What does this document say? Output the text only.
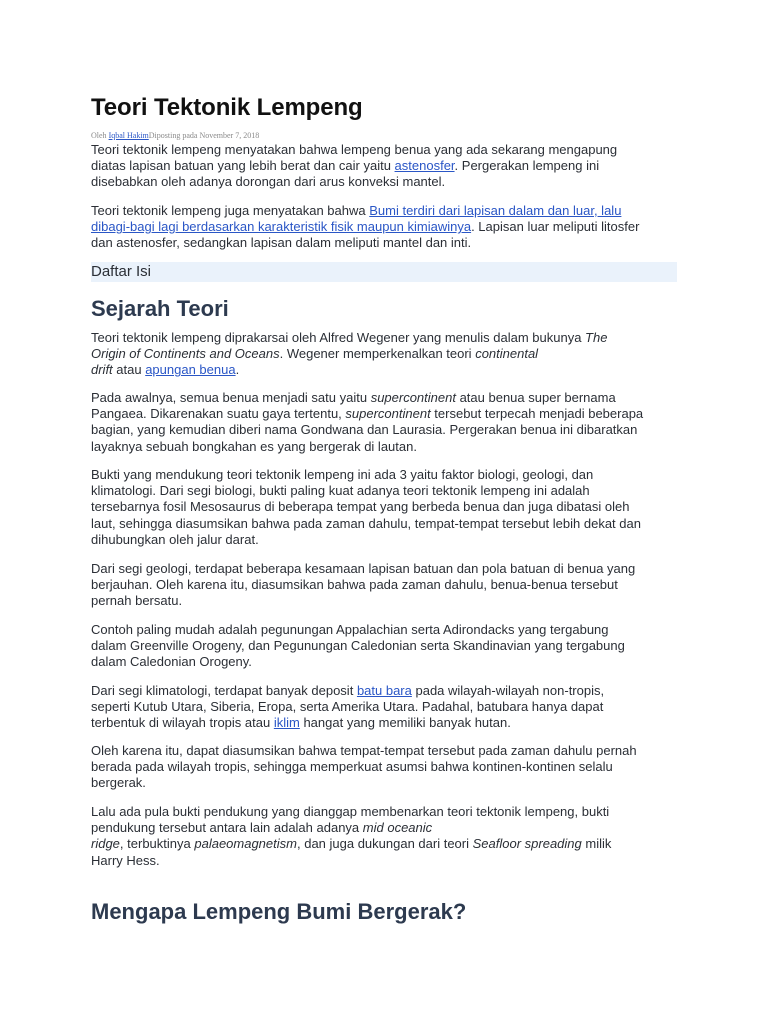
Teori Tektonik Lempeng
Oleh Iqbal HakimDiposting pada November 7, 2018

Teori tektonik lempeng menyatakan bahwa lempeng benua yang ada sekarang mengapung
diatas lapisan batuan yang lebih berat dan cair yaitu astenosfer. Pergerakan lempeng ini
disebabkan oleh adanya dorongan dari arus konveksi mantel.

Teori tektonik lempeng juga menyatakan bahwa Bumi terdiri dari lapisan dalam dan luar, lalu
dibagi-bagi lagi berdasarkan karakteristik fisik maupun kimiawinya. Lapisan luar meliputi litosfer
dan astenosfer, sedangkan lapisan dalam meliputi mantel dan inti.

Daftar Isi
Sejarah Teori

Teori tektonik lempeng diprakarsai oleh Alfred Wegener yang menulis dalam bukunya The
Origin of Continents and Oceans. Wegener memperkenalkan teori continental
drift atau apungan benua.

Pada awalnya, semua benua menjadi satu yaitu supercontinent atau benua super bernama
Pangaea. Dikarenakan suatu gaya tertentu, supercontinent tersebut terpecah menjadi beberapa
bagian, yang kemudian diberi nama Gondwana dan Laurasia. Pergerakan benua ini dibaratkan
layaknya sebuah bongkahan es yang bergerak di lautan.

Bukti yang mendukung teori tektonik lempeng ini ada 3 yaitu faktor biologi, geologi, dan
klimatologi. Dari segi biologi, bukti paling kuat adanya teori tektonik lempeng ini adalah
tersebarnya fosil Mesosaurus di beberapa tempat yang berbeda benua dan juga dibatasi oleh
laut, sehingga diasumsikan bahwa pada zaman dahulu, tempat-tempat tersebut lebih dekat dan
dihubungkan oleh jalur darat.

Dari segi geologi, terdapat beberapa kesamaan lapisan batuan dan pola batuan di benua yang
berjauhan. Oleh karena itu, diasumsikan bahwa pada zaman dahulu, benua-benua tersebut
pernah bersatu.

Contoh paling mudah adalah pegunungan Appalachian serta Adirondacks yang tergabung
dalam Greenville Orogeny, dan Pegunungan Caledonian serta Skandinavian yang tergabung
dalam Caledonian Orogeny.

Dari segi klimatologi, terdapat banyak deposit batu bara pada wilayah-wilayah non-tropis,
seperti Kutub Utara, Siberia, Eropa, serta Amerika Utara. Padahal, batubara hanya dapat
terbentuk di wilayah tropis atau iklim hangat yang memiliki banyak hutan.

Oleh karena itu, dapat diasumsikan bahwa tempat-tempat tersebut pada zaman dahulu pernah
berada pada wilayah tropis, sehingga memperkuat asumsi bahwa kontinen-kontinen selalu
bergerak.

Lalu ada pula bukti pendukung yang dianggap membenarkan teori tektonik lempeng, bukti
pendukung tersebut antara lain adalah adanya mid oceanic
ridge, terbuktinya palaeomagnetism, dan juga dukungan dari teori Seafloor spreading milik
Harry Hess.

Mengapa Lempeng Bumi Bergerak?
